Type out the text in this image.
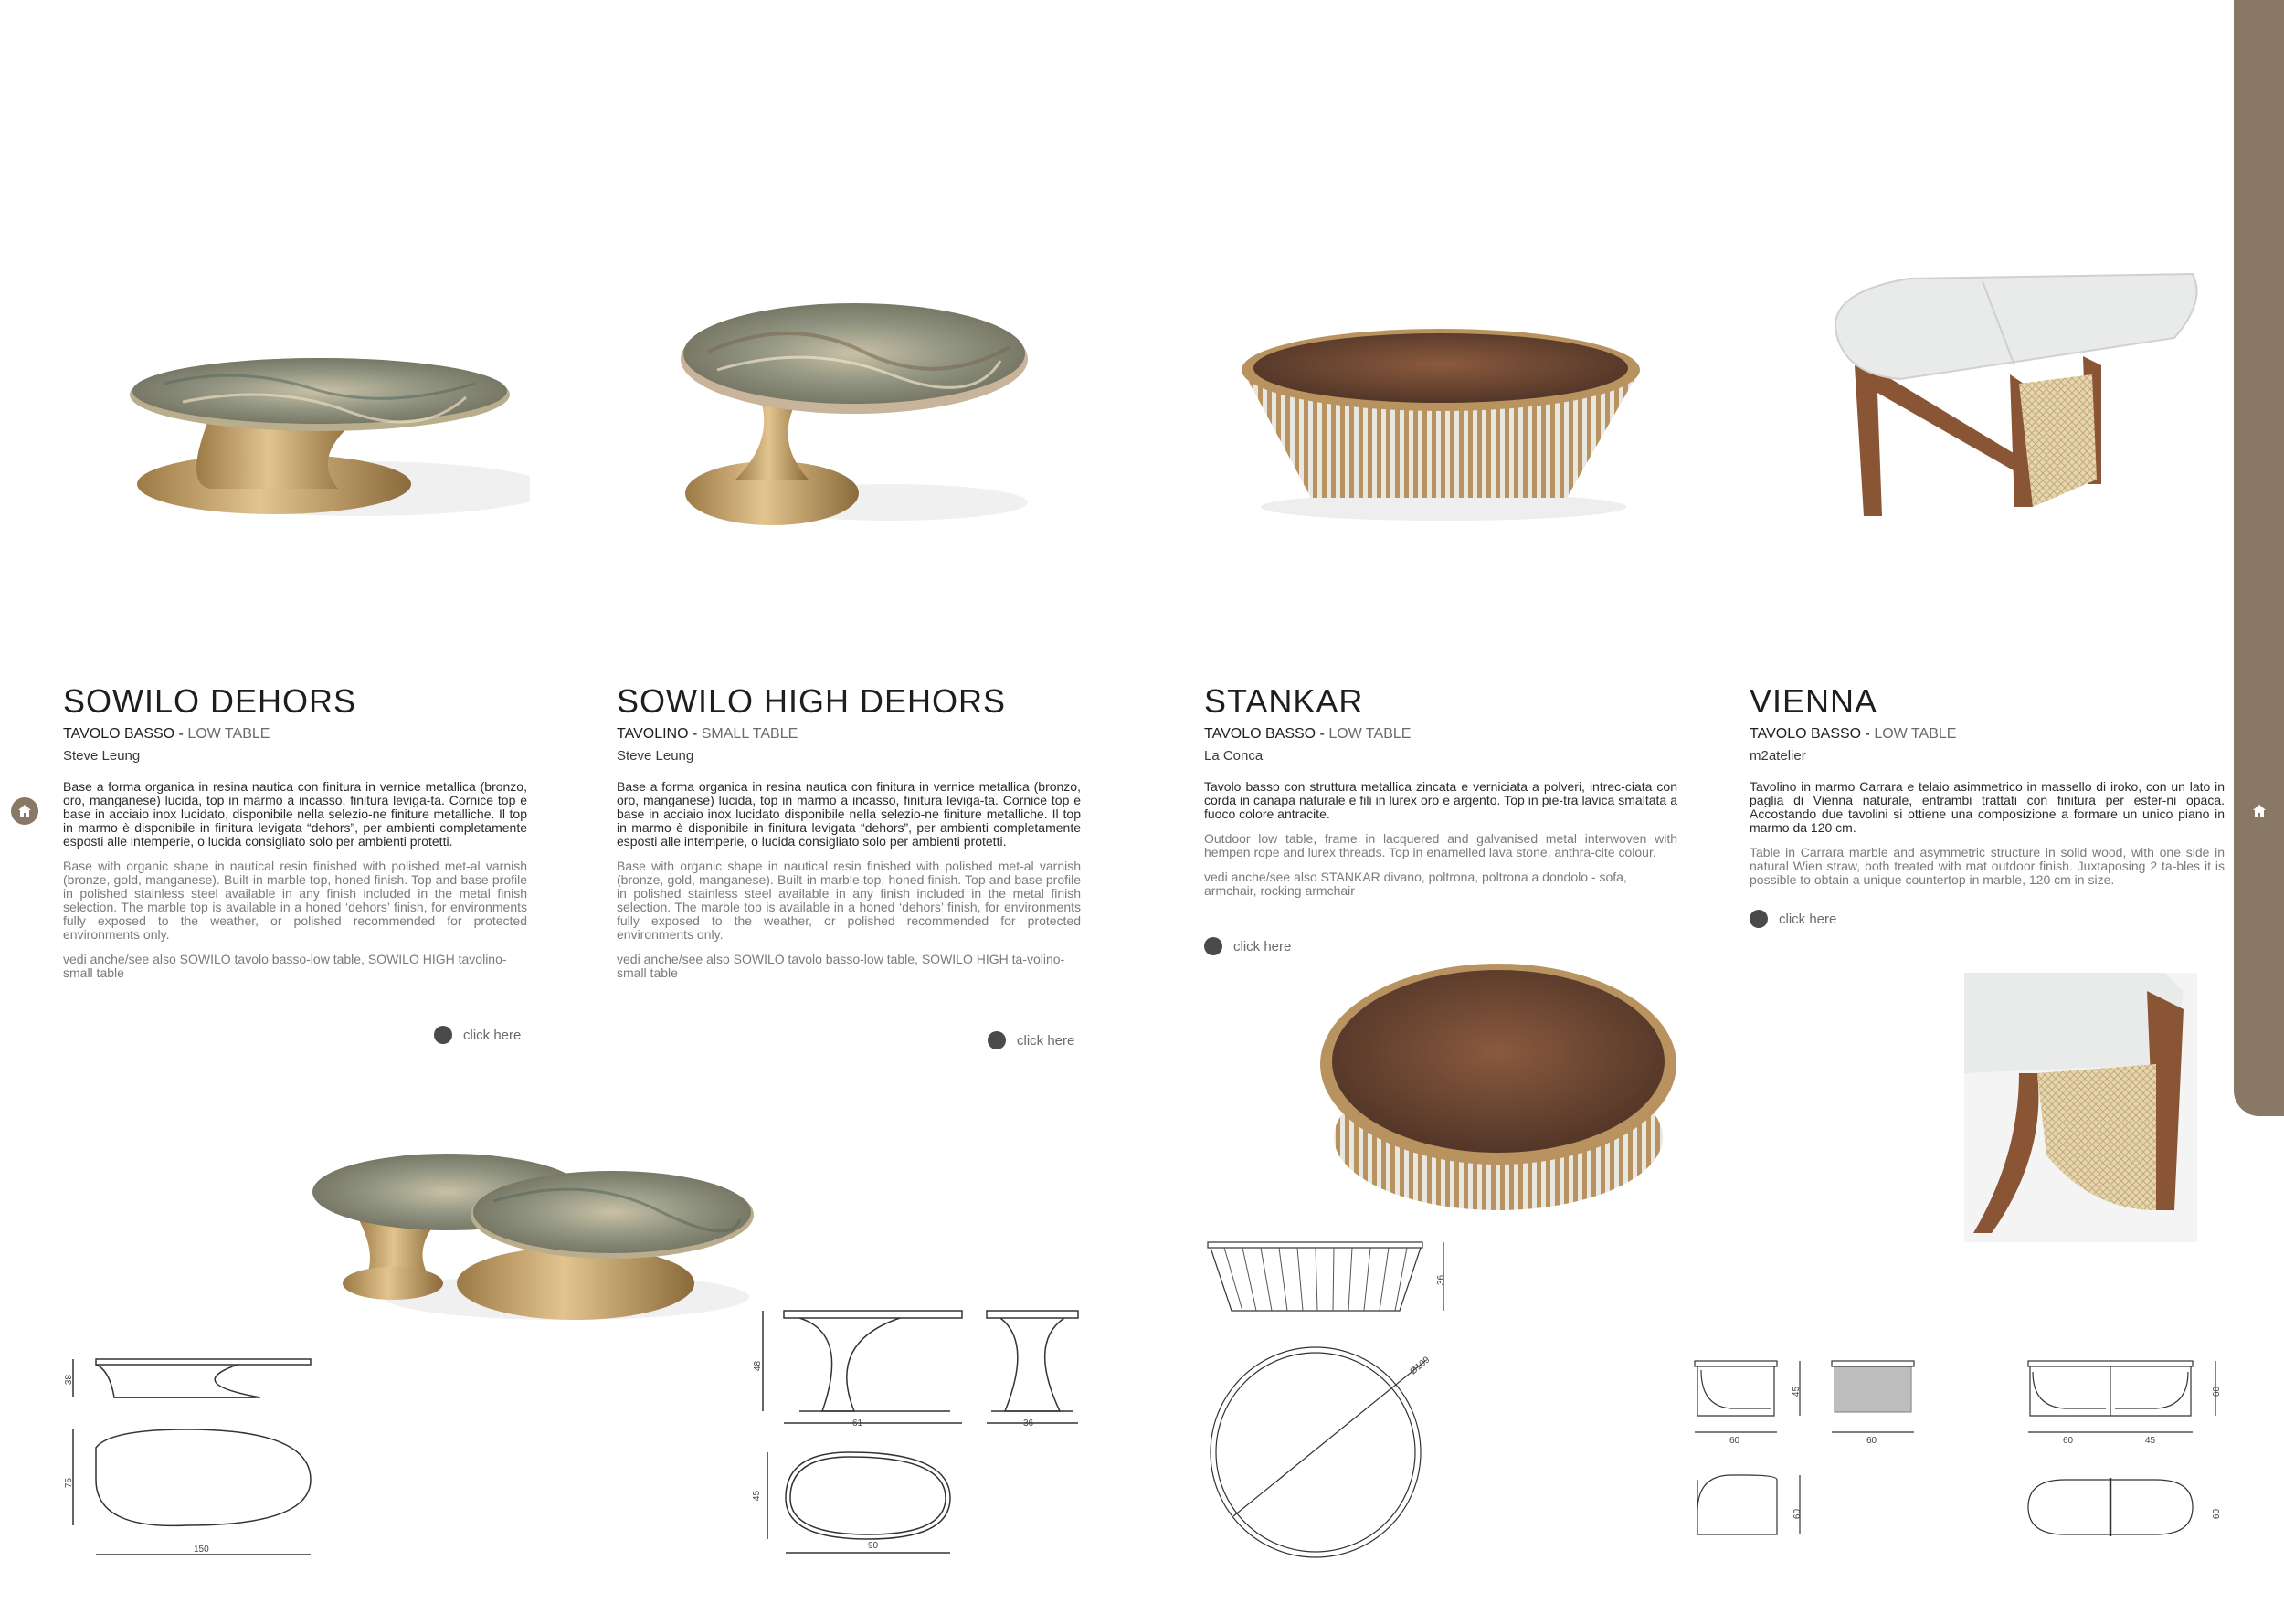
SOWILO DEHORS
TAVOLO BASSO - LOW TABLE
Steve Leung
Base a forma organica in resina nautica con finitura in vernice metallica (bronzo, oro, manganese) lucida, top in marmo a incasso, finitura leviga-ta. Cornice top e base in acciaio inox lucidato, disponibile nella selezio-ne finiture metalliche. Il top in marmo è disponibile in finitura levigata “dehors”, per ambienti completamente esposti alle intemperie, o lucida consigliato solo per ambienti protetti.
Base with organic shape in nautical resin finished with polished met-al varnish (bronze, gold, manganese). Built-in marble top, honed finish. Top and base profile in polished stainless steel available in any finish included in the metal finish selection. The marble top is available in a honed ‘dehors’ finish, for environments fully exposed to the weather, or polished recommended for protected environments only.
vedi anche/see also SOWILO tavolo basso-low table, SOWILO HIGH tavolino-small table
click here
SOWILO HIGH DEHORS
TAVOLINO - SMALL TABLE
Steve Leung
Base a forma organica in resina nautica con finitura in vernice metallica (bronzo, oro, manganese) lucida, top in marmo a incasso, finitura leviga-ta. Cornice top e base in acciaio inox lucidato disponibile nella selezio-ne finiture metalliche. Il top in marmo è disponibile in finitura levigata “dehors”, per ambienti completamente esposti alle intemperie, o lucida consigliato solo per ambienti protetti.
Base with organic shape in nautical resin finished with polished met-al varnish (bronze, gold, manganese). Built-in marble top, honed finish. Top and base profile in polished stainless steel available in any finish included in the metal finish selection. The marble top is available in a honed ‘dehors’ finish, for environments fully exposed to the weather, or polished recommended for protected environments only.
vedi anche/see also SOWILO tavolo basso-low table, SOWILO HIGH ta-volino-small table
click here
STANKAR
TAVOLO BASSO - LOW TABLE
La Conca
Tavolo basso con struttura metallica zincata e verniciata a polveri, intrec-ciata con corda in canapa naturale e fili in lurex oro e argento. Top in pie-tra lavica smaltata a fuoco colore antracite.
Outdoor low table, frame in lacquered and galvanised metal interwoven with hempen rope and lurex threads. Top in enamelled lava stone, anthra-cite colour.
vedi anche/see also STANKAR divano, poltrona, poltrona a dondolo - sofa, armchair, rocking armchair
click here
VIENNA
TAVOLO BASSO - LOW TABLE
m2atelier
Tavolino in marmo Carrara e telaio asimmetrico in massello di iroko, con un lato in paglia di Vienna naturale, entrambi trattati con finitura per ester-ni opaca. Accostando due tavolini si ottiene una composizione a formare un unico piano in marmo da 120 cm.
Table in Carrara marble and asymmetric structure in solid wood, with one side in natural Wien straw, both treated with mat outdoor finish. Juxtaposing 2 ta-bles it is possible to obtain a unique countertop in marble, 120 cm in size.
click here
38
75
150
48
61	36
45
90
36
Ø109
45
60	60
60
60	45
60
60
